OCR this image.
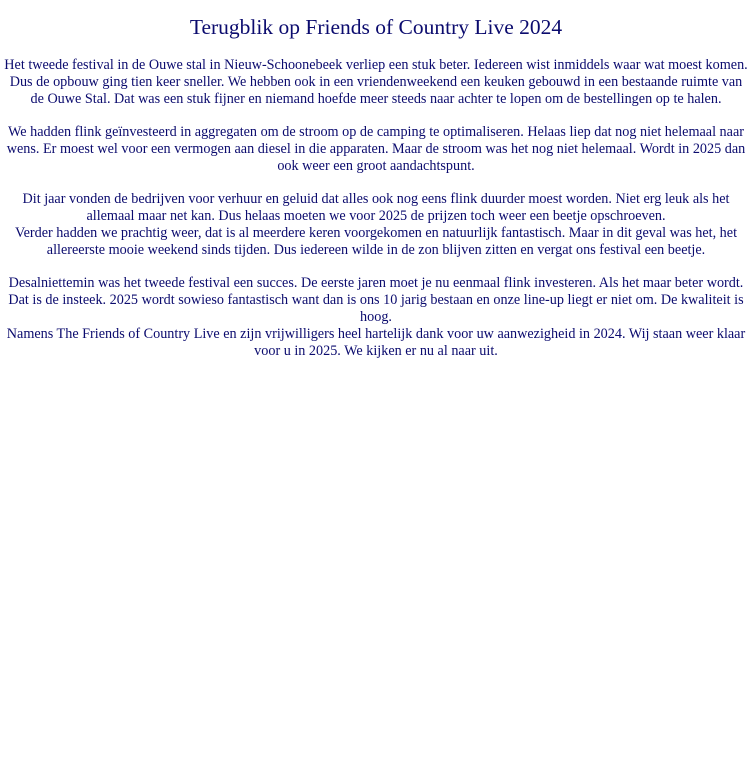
Terugblik op Friends of Country Live 2024

Het tweede festival in de Ouwe stal in Nieuw-Schoonebeek verliep een stuk beter. Iedereen wist inmiddels waar wat moest komen. Dus de opbouw ging tien keer sneller. We hebben ook in een vriendenweekend een keuken gebouwd in een bestaande ruimte van de Ouwe Stal. Dat was een stuk fijner en niemand hoefde meer steeds naar achter te lopen om de bestellingen op te halen.

We hadden flink geïnvesteerd in aggregaten om de stroom op de camping te optimaliseren. Helaas liep dat nog niet helemaal naar wens. Er moest wel voor een vermogen aan diesel in die apparaten. Maar de stroom was het nog niet helemaal. Wordt in 2025 dan ook weer een groot aandachtspunt.

Dit jaar vonden de bedrijven voor verhuur en geluid dat alles ook nog eens flink duurder moest worden. Niet erg leuk als het allemaal maar net kan. Dus helaas moeten we voor 2025 de prijzen toch weer een beetje opschroeven.

Verder hadden we prachtig weer, dat is al meerdere keren voorgekomen en natuurlijk fantastisch. Maar in dit geval was het, het allereerste mooie weekend sinds tijden. Dus iedereen wilde in de zon blijven zitten en vergat ons festival een beetje.

Desalniettemin was het tweede festival een succes. De eerste jaren moet je nu eenmaal flink investeren. Als het maar beter wordt. Dat is de insteek. 2025 wordt sowieso fantastisch want dan is ons 10 jarig bestaan en onze line-up liegt er niet om. De kwaliteit is hoog.

Namens The Friends of Country Live en zijn vrijwilligers heel hartelijk dank voor uw aanwezigheid in 2024. Wij staan weer klaar voor u in 2025. We kijken er nu al naar uit.
